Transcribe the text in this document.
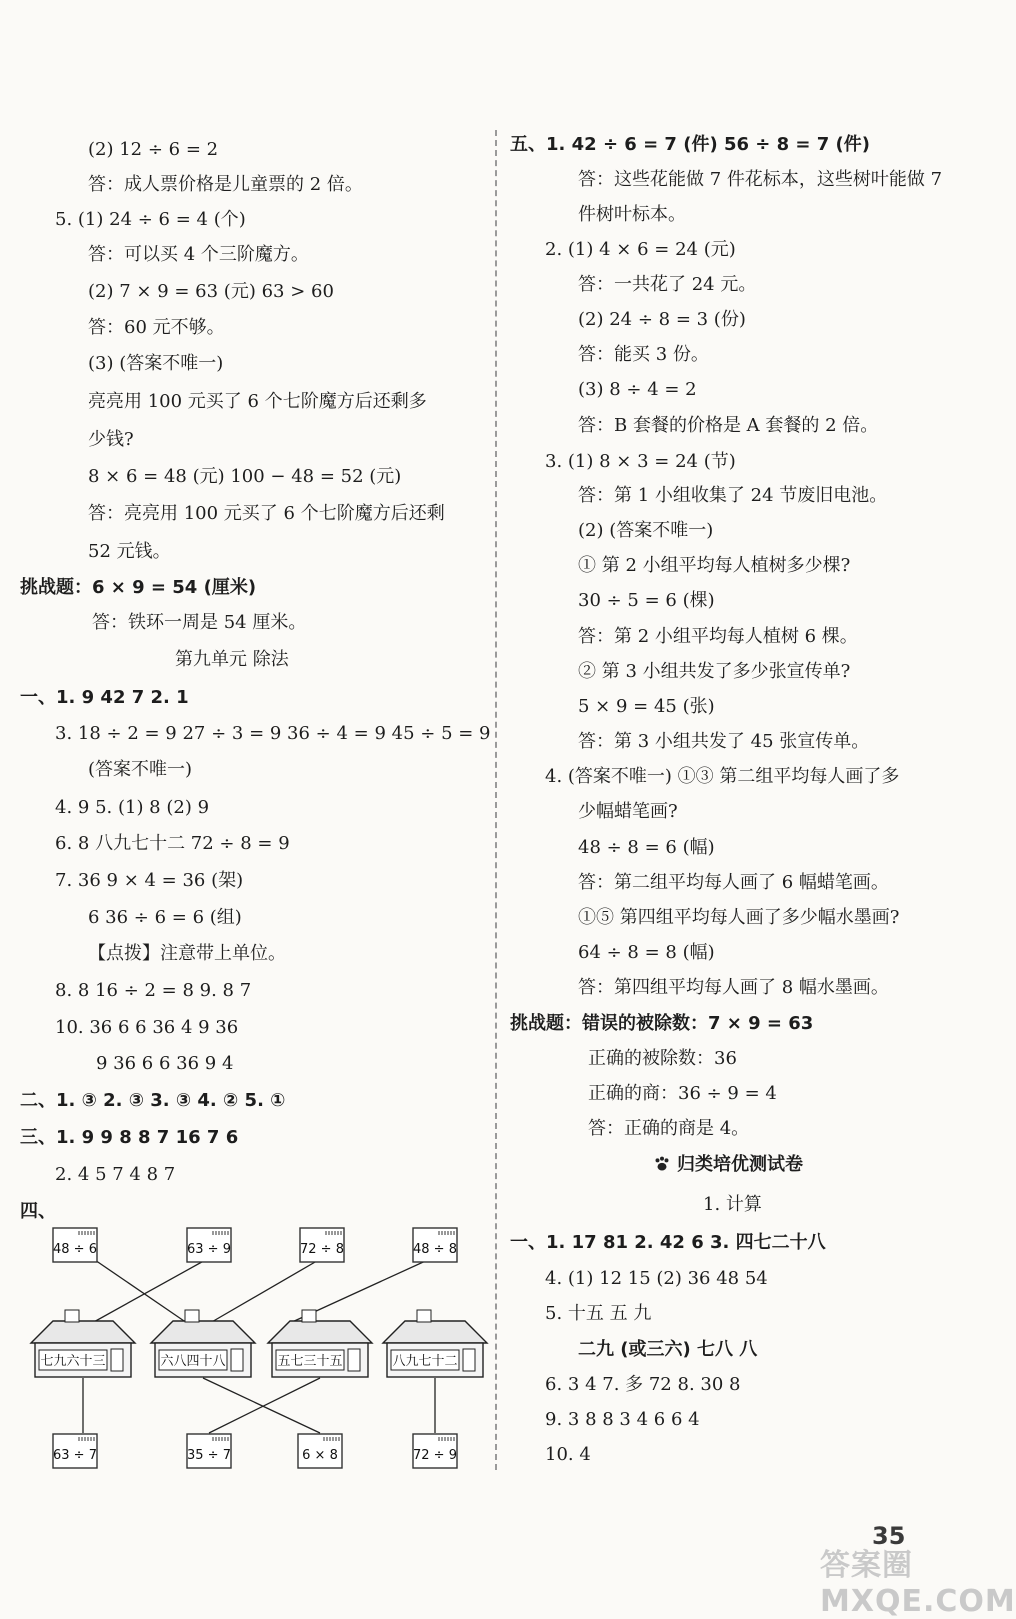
第九单元 除法
归类培优测试卷
1. 计算
48 ÷ 6	63 ÷ 9	72 ÷ 8	48 ÷ 8
七九六十三	六八四十八	五七三十五	八九七十二
63 ÷ 7	35 ÷ 7	6 × 8	72 ÷ 9
35
答案圈 MXQE.COM
(2) 12 ÷ 6 = 2
答：成人票价格是儿童票的 2 倍。
5. (1) 24 ÷ 6 = 4 (个)
答：可以买 4 个三阶魔方。
(2) 7 × 9 = 63 (元) 63 > 60
答：60 元不够。
(3) (答案不唯一)
亮亮用 100 元买了 6 个七阶魔方后还剩多
少钱?
8 × 6 = 48 (元) 100 − 48 = 52 (元)
答：亮亮用 100 元买了 6 个七阶魔方后还剩
52 元钱。
挑战题：6 × 9 = 54 (厘米)
答：铁环一周是 54 厘米。
一、1. 9 42 7 2. 1
3. 18 ÷ 2 = 9 27 ÷ 3 = 9 36 ÷ 4 = 9 45 ÷ 5 = 9
(答案不唯一)
4. 9 5. (1) 8 (2) 9
6. 8 八九七十二 72 ÷ 8 = 9
7. 36 9 × 4 = 36 (架)
6 36 ÷ 6 = 6 (组)
【点拨】注意带上单位。
8. 8 16 ÷ 2 = 8 9. 8 7
10. 36 6 6 36 4 9 36
9 36 6 6 36 9 4
二、1. ③ 2. ③ 3. ③ 4. ② 5. ①
三、1. 9 9 8 8 7 16 7 6
2. 4 5 7 4 8 7
四、
五、1. 42 ÷ 6 = 7 (件) 56 ÷ 8 = 7 (件)
答：这些花能做 7 件花标本，这些树叶能做 7
件树叶标本。
2. (1) 4 × 6 = 24 (元)
答：一共花了 24 元。
(2) 24 ÷ 8 = 3 (份)
答：能买 3 份。
(3) 8 ÷ 4 = 2
答：B 套餐的价格是 A 套餐的 2 倍。
3. (1) 8 × 3 = 24 (节)
答：第 1 小组收集了 24 节废旧电池。
(2) (答案不唯一)
① 第 2 小组平均每人植树多少棵?
30 ÷ 5 = 6 (棵)
答：第 2 小组平均每人植树 6 棵。
② 第 3 小组共发了多少张宣传单?
5 × 9 = 45 (张)
答：第 3 小组共发了 45 张宣传单。
4. (答案不唯一) ①③ 第二组平均每人画了多
少幅蜡笔画?
48 ÷ 8 = 6 (幅)
答：第二组平均每人画了 6 幅蜡笔画。
①⑤ 第四组平均每人画了多少幅水墨画?
64 ÷ 8 = 8 (幅)
答：第四组平均每人画了 8 幅水墨画。
挑战题：错误的被除数：7 × 9 = 63
正确的被除数：36
正确的商：36 ÷ 9 = 4
答：正确的商是 4。
一、1. 17 81 2. 42 6 3. 四七二十八
4. (1) 12 15 (2) 36 48 54
5. 十五 五 九
二九 (或三六) 七八 八
6. 3 4 7. 多 72 8. 30 8
9. 3 8 8 3 4 6 6 4
10. 4
